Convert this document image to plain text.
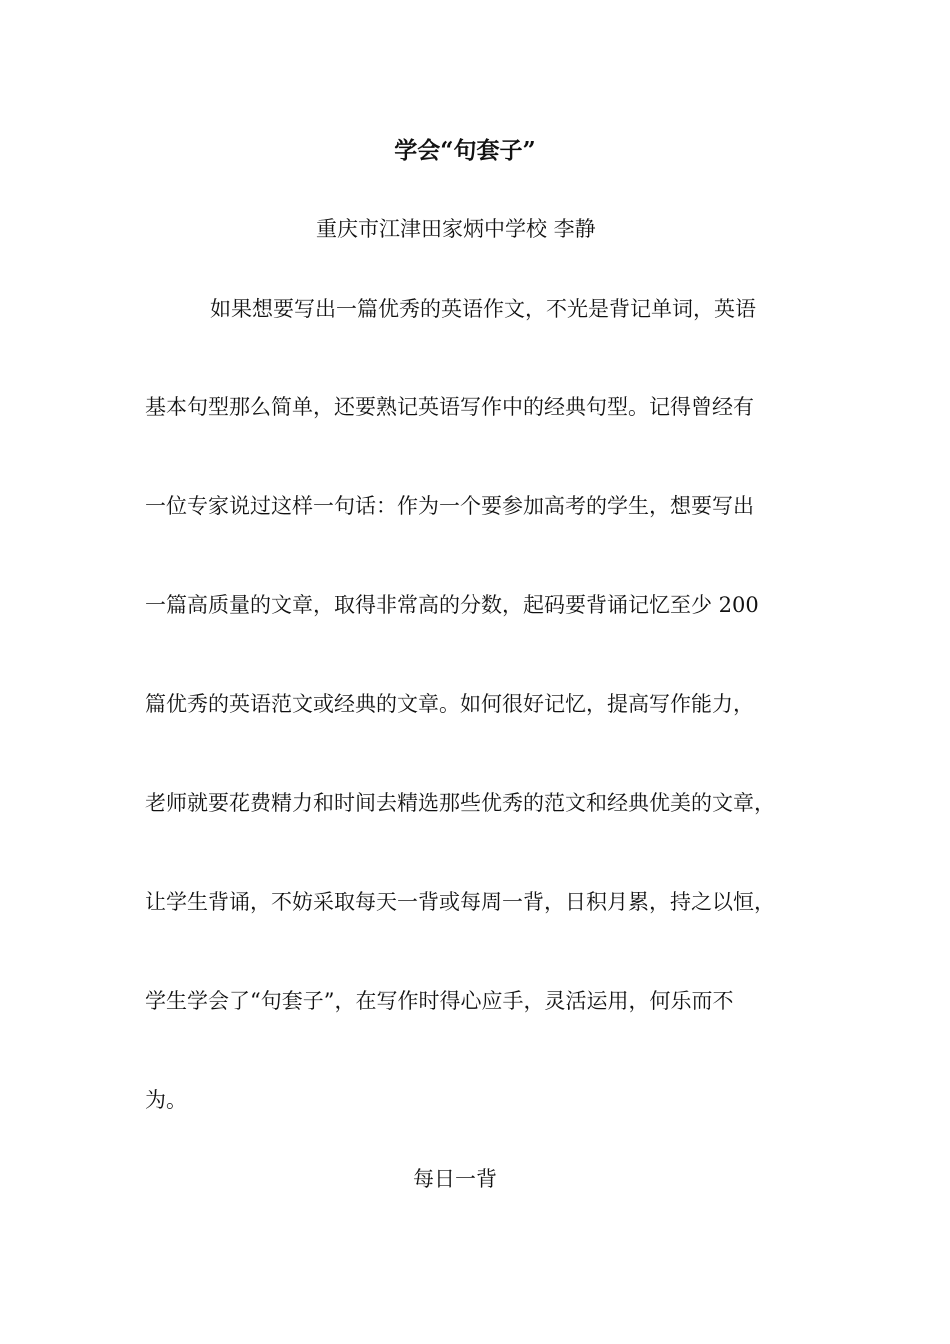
学会“句套子”
重庆市江津田家炳中学校 李静
如果想要写出一篇优秀的英语作文，不光是背记单词，英语
基本句型那么简单，还要熟记英语写作中的经典句型。记得曾经有
一位专家说过这样一句话：作为一个要参加高考的学生，想要写出
一篇高质量的文章，取得非常高的分数，起码要背诵记忆至少 200
篇优秀的英语范文或经典的文章。如何很好记忆，提高写作能力，
老师就要花费精力和时间去精选那些优秀的范文和经典优美的文章，
让学生背诵，不妨采取每天一背或每周一背，日积月累，持之以恒，
学生学会了“句套子”，在写作时得心应手，灵活运用，何乐而不
为。
每日一背
